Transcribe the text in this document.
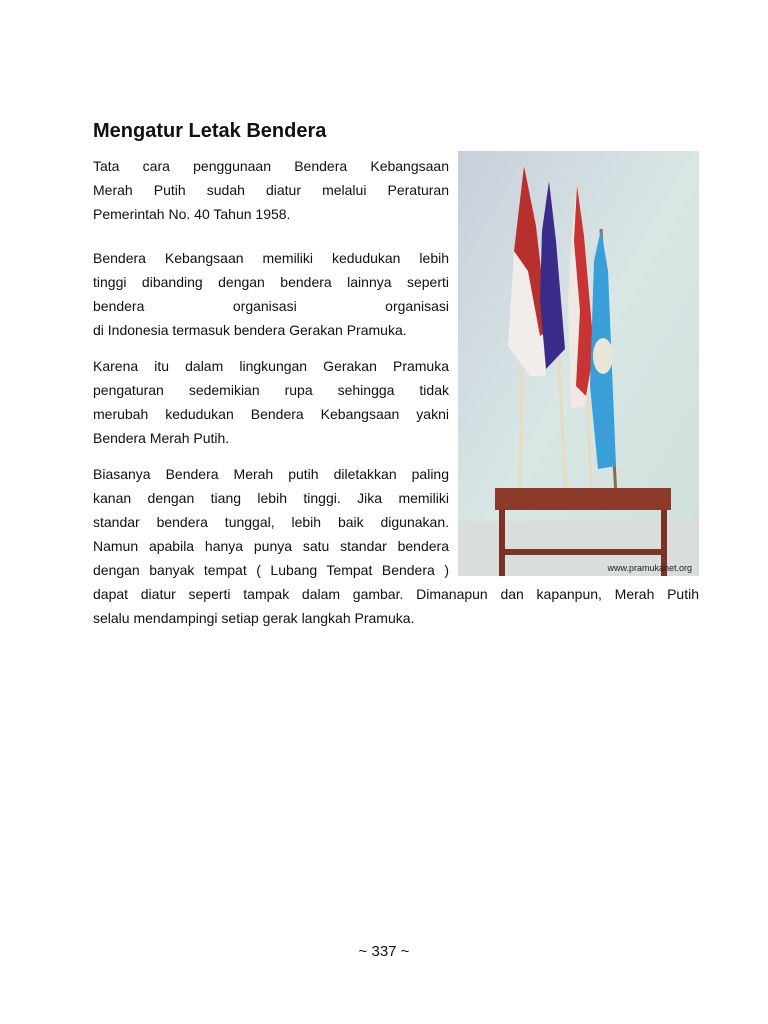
Mengatur Letak Bendera
Tata cara penggunaan Bendera Kebangsaan
Merah Putih sudah diatur melalui Peraturan
Pemerintah No. 40 Tahun 1958.
Bendera Kebangsaan memiliki kedudukan lebih
tinggi dibanding dengan bendera lainnya seperti
bendera organisasi organisasi
di Indonesia termasuk bendera Gerakan Pramuka.
Karena itu dalam lingkungan Gerakan Pramuka
pengaturan sedemikian rupa sehingga tidak
merubah kedudukan Bendera Kebangsaan yakni
Bendera Merah Putih.
Biasanya Bendera Merah putih diletakkan paling
kanan dengan tiang lebih tinggi. Jika memiliki
standar bendera tunggal, lebih baik digunakan.
Namun apabila hanya punya satu standar bendera
dengan banyak tempat ( Lubang Tempat Bendera )
dapat diatur seperti tampak dalam gambar. Dimanapun dan kapanpun, Merah Putih
selalu mendampingi setiap gerak langkah Pramuka.
www.pramukanet.org
~ 337 ~
